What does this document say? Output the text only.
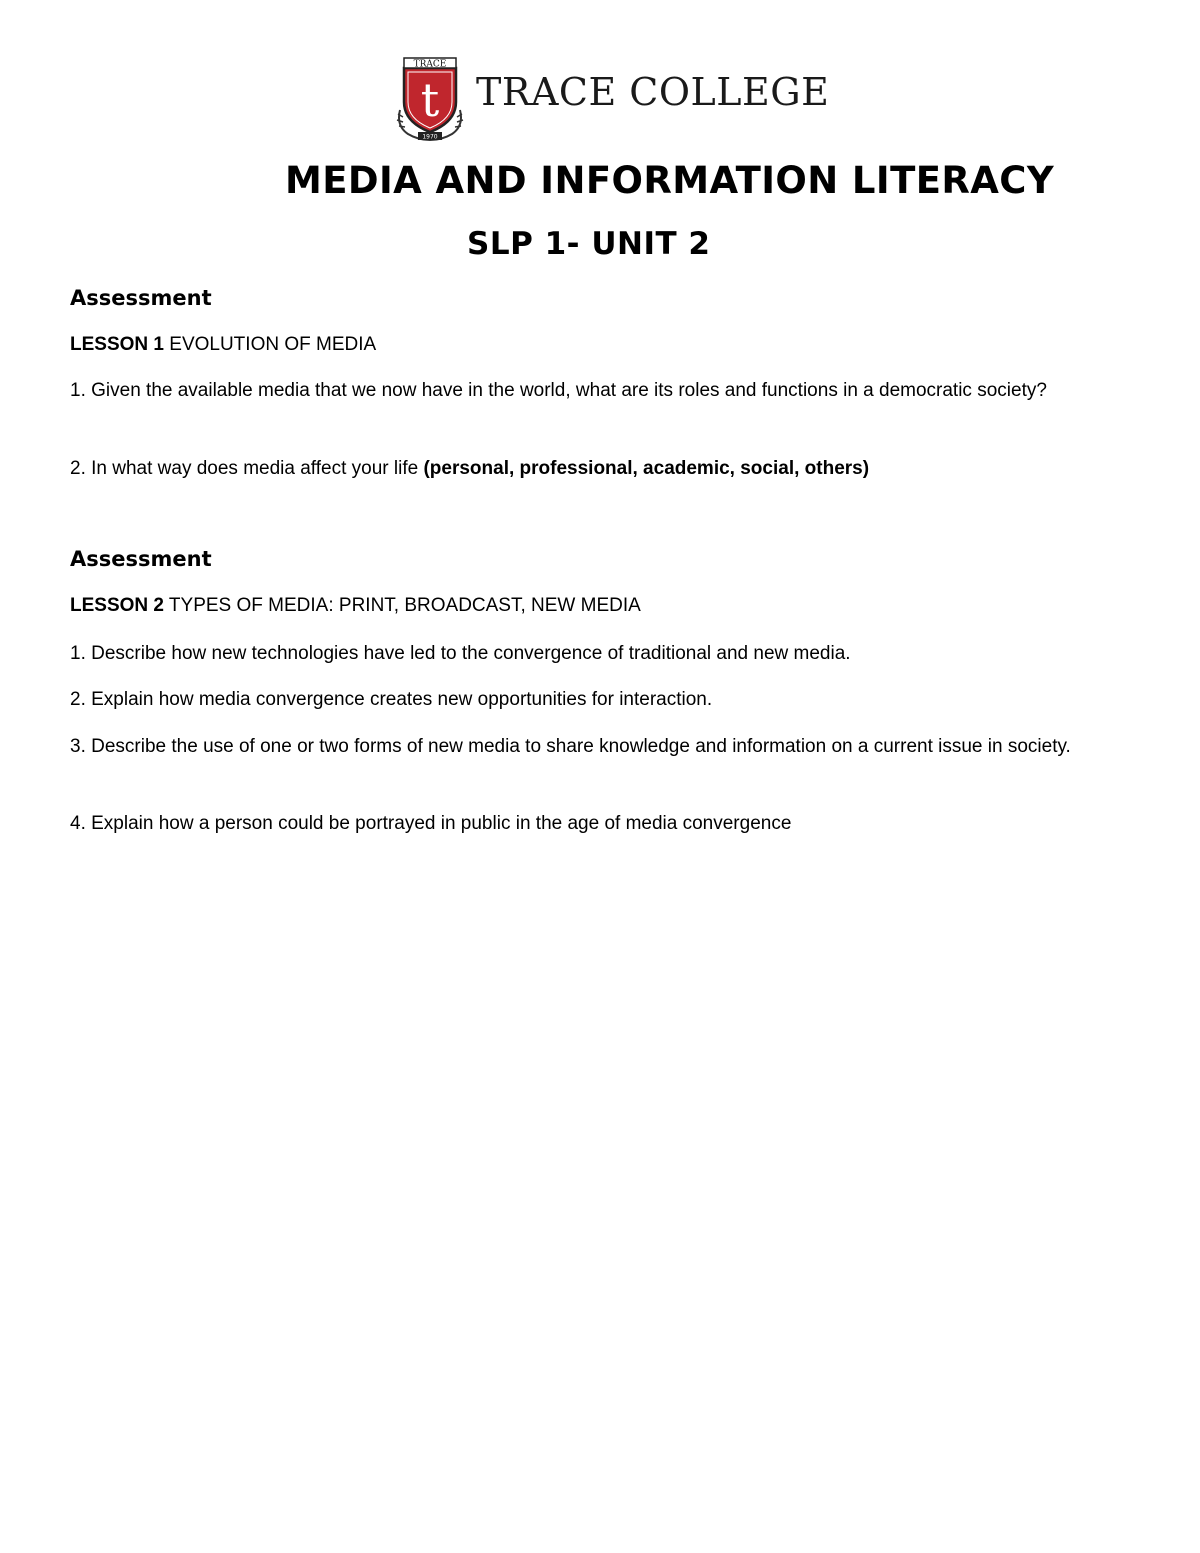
TRACE
t
1970
TRACE COLLEGE
MEDIA AND INFORMATION LITERACY
SLP 1- UNIT 2
Assessment
LESSON 1 EVOLUTION OF MEDIA
1. Given the available media that we now have in the world, what are its roles and functions in a democratic society?
2. In what way does media affect your life (personal, professional, academic, social, others)
Assessment
LESSON 2 TYPES OF MEDIA: PRINT, BROADCAST, NEW MEDIA
1. Describe how new technologies have led to the convergence of traditional and new media.
2. Explain how media convergence creates new opportunities for interaction.
3. Describe the use of one or two forms of new media to share knowledge and information on a current issue in society.
4. Explain how a person could be portrayed in public in the age of media convergence
